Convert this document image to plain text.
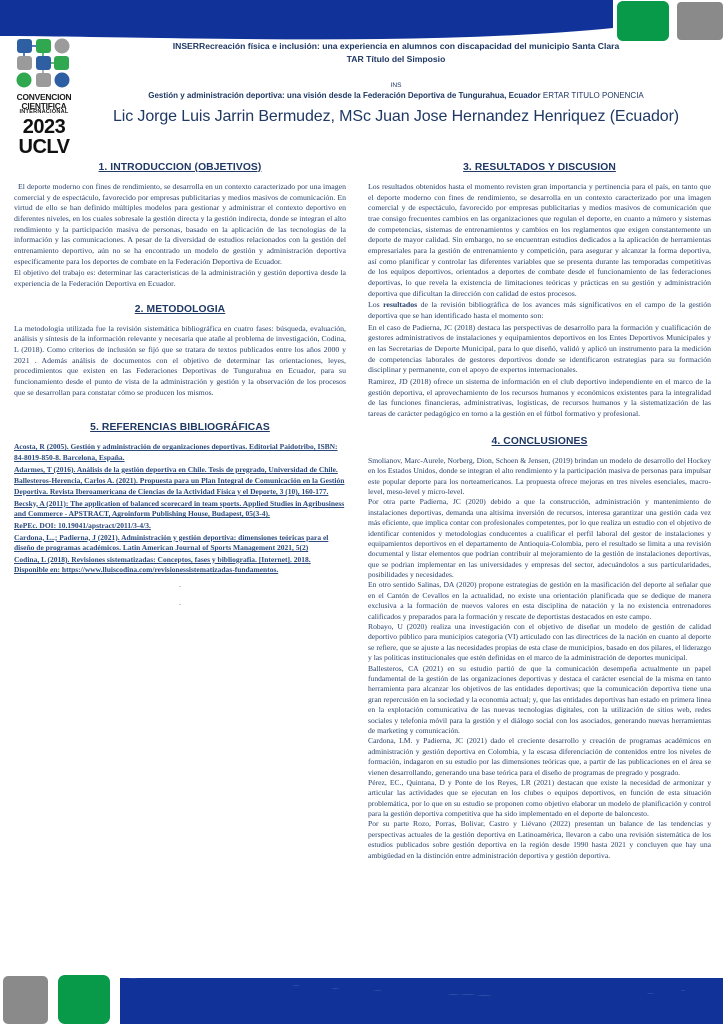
CONVENCION
CIENTIFICA
INTERNACIONAL
2023
UCLV
INSERRecreación física e inclusión: una experiencia en alumnos con discapacidad del municipio Santa Clara
TAR Título del Simposio
INS
Gestión y administración deportiva: una visión desde la Federación Deportiva de Tungurahua, Ecuador ERTAR TITULO PONENCIA
Lic Jorge Luis Jarrin Bermudez, MSc Juan Jose Hernandez Henriquez (Ecuador)
1. INTRODUCCION (OBJETIVOS)

El deporte moderno con fines de rendimiento, se desarrolla en un contexto caracterizado por una imagen comercial y de espectáculo, favorecido por empresas publicitarias y medios masivos de comunicación. En virtud de ello se han definido múltiples modelos para gestionar y administrar el contexto deportivo en diferentes niveles, en los cuales sobresale la gestión directa y la gestión indirecta, donde se integran el alto rendimiento y la participación masiva de personas, basado en la aplicación de las tecnologias de la información y las comunicaciones. A pesar de la diversidad de estudios relacionados con la gestión del entrenamiento deportivo, aún no se ha encontrado un modelo de gestión y administración deportiva específicamente para los deportes de combate en la Federación Deportiva de Ecuador.

El objetivo del trabajo es: determinar las caracteristicas de la administración y gestión deportiva desde la experiencia de la Federación Deportiva en Ecuador.

2. METODOLOGIA

La metodologia utilizada fue la revisión sistemática bibliográfica en cuatro fases: búsqueda, evaluación, análisis y síntesis de la información relevante y necesaria que atañe al problema de investigación, Codina, L (2018). Como criterios de inclusión se fijó que se tratara de textos publicados entre los años 2000 y 2021 . Además análisis de documentos con el objetivo de determinar las orientaciones, leyes, procedimientos que existen en las Federaciones Deportivas de Tungurahua en Ecuador, para su funcionamiento desde el punto de vista de la administración y gestión y la observación de los procesos que se desarrollan para constatar cómo se producen los mismos.

5. REFERENCIAS BIBLIOGRÁFICAS

Acosta, R (2005). Gestión y administración de organizaciones deportivas. Editorial Paidotribo, ISBN: 84-8019-850-8. Barcelona, España.

Adarmes, T (2016). Análisis de la gestión deportiva en Chile. Tesis de pregrado, Universidad de Chile.

Ballesteros-Herencia, Carlos A. (2021). Propuesta para un Plan Integral de Comunicación en la Gestión Deportiva. Revista Iberoamericana de Ciencias de la Actividad Física y el Deporte, 3 (10), 160-177.

Becsky, A (2011): The application of balanced scorecard in team sports. Applied Studies in Agribusiness and Commerce - APSTRACT, Agroinform Publishing House, Budapest, 05(3-4).

RePEc. DOI: 10.19041/apstract/2011/3-4/3.

Cardona, L..; Padierna, J (2021). Administración y gestión deportiva: dimensiones teóricas para el diseño de programas académicos. Latin American Journal of Sports Management 2021, 5(2)

Codina, L (2018). Revisiones sistematizadas: Conceptos, fases y bibliografia. [Internet]. 2018. Disponible en: https://www.lluiscodina.com/revisionessistematizadas-fundamentos.

-
-
3. RESULTADOS Y DISCUSION

Los resultados obtenidos hasta el momento revisten gran importancia y pertinencia para el país, en tanto que el deporte moderno con fines de rendimiento, se desarrolla en un contexto caracterizado por una imagen comercial y de espectáculo, favorecido por empresas publicitarias y medios masivos de comunicación que trae consigo frecuentes cambios en las organizaciones que regulan el deporte, en cuanto a número y sistemas de competencias, sistemas de entrenamientos y cambios en los reglamentos que exigen constantemente un deporte de mayor calidad. Sin embargo, no se encuentran estudios dedicados a la aplicación de herramientas empresariales para la gestión de entrenamiento y competición, para asegurar y alcanzar la forma deportiva, así como planificar y controlar las diferentes variables que se presenta durante las temporadas competitivas de los equipos deportivos, orientados a deportes de combate desde el funcionamiento de las federaciones deportivas, lo que revela la existencia de limitaciones teóricas y prácticas en su gestión y administración deportiva que dificultan la dirección con calidad de estos procesos.

Los resultados de la revisión bibliográfica de los avances más significativos en el campo de la gestión deportiva que se han identificado hasta el momento son:

En el caso de Padierna, JC (2018) destaca las perspectivas de desarrollo para la formación y cualificación de gestores administrativos de instalaciones y equipamientos deportivos en los Entes Deportivos Municipales y en las Secretarias de Deporte Municipal, para lo que diseñó, validó y aplicó un instrumento para la medición de competencias laborales de gestores deportivos donde se identificaron estrategias para su formación disciplinar y permanente, con el apoyo de expertos internacionales.

Ramirez, JD (2018) ofrece un sistema de información en el club deportivo independiente en el marco de la gestión deportiva, el aprovechamiento de los recursos humanos y económicos existentes para la integralidad de las funciones financieras, administrativas, logisticas, de recursos humanos y la sistematización de las tareas de carácter pedagógico en torno a la gestión en el fútbol formativo y profesional.

4. CONCLUSIONES

Smolianov, Marc-Aurele, Norberg, Dion, Schoen & Jensen, (2019) brindan un modelo de desarrollo del Hockey en los Estados Unidos, donde se integran el alto rendimiento y la participación masiva de personas para impulsar este popular deporte para los norteamericanos. La propuesta ofrece mejoras en tres niveles esenciales, macro-level, meso-level y micro-level.

Por otra parte Padierna, JC (2020) debido a que la construcción, administración y mantenimiento de instalaciones deportivas, demanda una altisima inversión de recursos, interesa garantizar una gestión cada vez más eficiente, que implica contar con profesionales competentes, por lo que realiza un estudio con el objetivo de identificar contenidos y metodologias conducentes a cualificar el perfil laboral del gestor de instalaciones y equipamientos deportivos en el departamento de Antioquia-Colombia, pero el resultado se limita a una revisión documental y listar elementos que podrian contribuir al mejoramiento de la gestión de instalaciones deportivas, que se podrian implementar en las universidades y empresas del sector, adecuándolos a sus particularidades, posibilidades y necesidades.

En otro sentido Salinas, DA (2020) propone estrategias de gestión en la masificación del deporte al señalar que en el Cantón de Cevallos en la actualidad, no existe una orientación planificada que se dedique de manera exclusiva a la formación de nuevos valores en esta disciplina de natación y la no existencia entrenadores calificados y preparados para la formación y rescate de deportistas destacados en este campo.

Robayo, U (2020) realiza una investigación con el objetivo de diseñar un modelo de gestión de calidad deportivo público para municipios categoria (VI) articulado con las directrices de la nación en cuanto al deporte se refiere, que se ajuste a las necesidades propias de esta clase de municipios, basado en dos pilares, el liderazgo y las politicas institucionales que estén definidas en el marco de la administración de deportes municipal.

Ballesteros, CA (2021) en su estudio partió de que la comunicación desempeña actualmente un papel fundamental de la gestión de las organizaciones deportivas y destaca el carácter esencial de la misma en tanto herramienta para alcanzar los objetivos de las entidades deportivas; que la comunicación deportiva tiene una gran repercusión en la sociedad y la economia actual; y, que las entidades deportivas han estado en primera linea en la explotación comunicativa de las nuevas tecnologias digitales, con la utilización de sitios web, redes sociales y telefonia móvil para la gestión y el diálogo social con los asociados, generando nuevas herramientas de marketing y comunicación.

Cardona, LM. y Padierna, JC (2021) dado el creciente desarrollo y creación de programas académicos en administración y gestión deportiva en Colombia, y la escasa diferenciación de contenidos entre los niveles de formación, indagaron en su estudio por las dimensiones teóricas que, a partir de las publicaciones en el área se vienen desarrollando, generando una base teórica para el diseño de programas de pregrado y posgrado.

Pérez, EC., Quintana, D y Ponte de los Reyes, LR (2021) destacan que existe la necesidad de armonizar y articular las actividades que se ejecutan en los clubes o equipos deportivos, en función de esta situación problemática, por lo que en su estudio se proponen como objetivo elaborar un modelo de planificación y control para la gestión deportiva competitiva que ha sido implementado en el deporte de baloncesto.

Por su parte Rozo, Porras, Bolivar, Castro y Liévano (2022) presentan un balance de las tendencias y perspectivas actuales de la gestión deportiva en Latinoamérica, llevaron a cabo una revisión sistemática de los estudios publicados sobre gestión deportiva en la región desde 1990 hasta 2021 y concluyen que hay una ambigüedad en la distinción entre administración deportiva y gestión deportiva.
